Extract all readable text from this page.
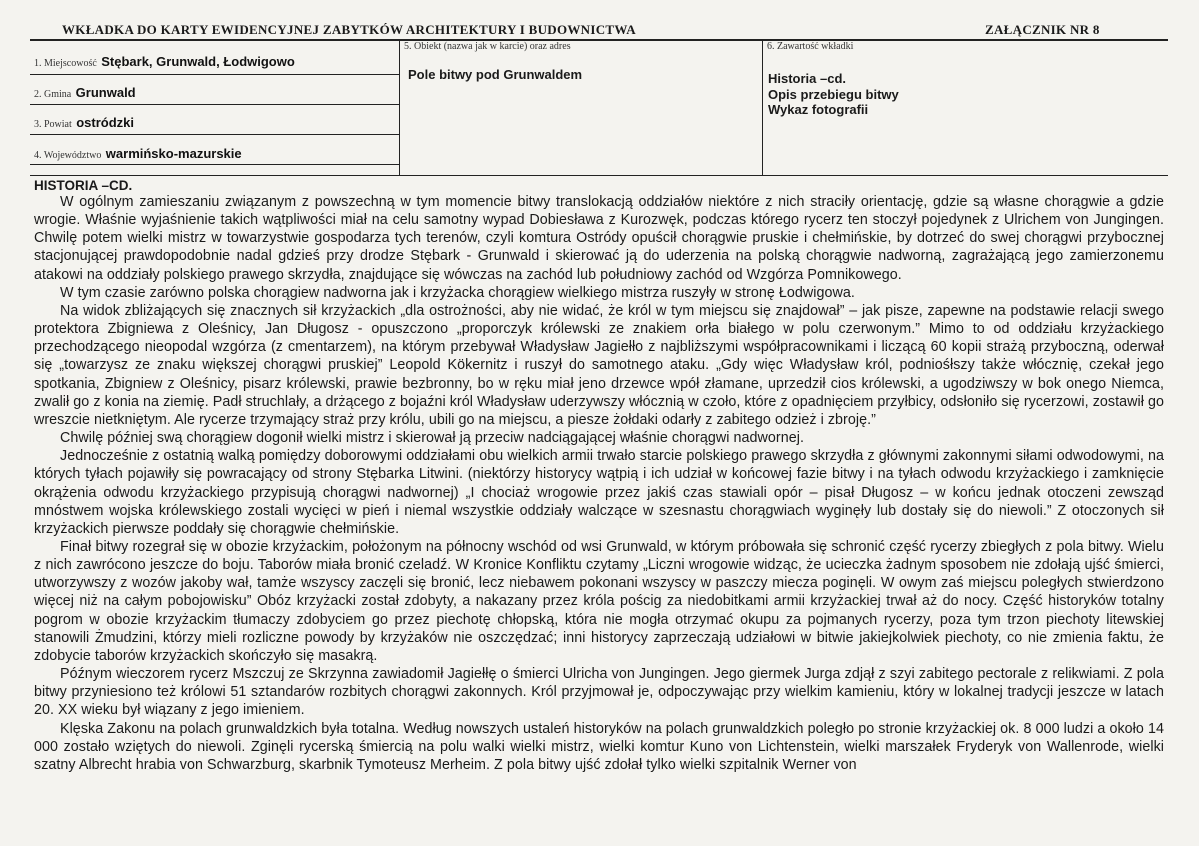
WKŁADKA DO KARTY EWIDENCYJNEJ ZABYTKÓW ARCHITEKTURY I BUDOWNICTWA	ZAŁĄCZNIK NR 8
1. Miejscowość Stębark, Grunwald, Łodwigowo
2. Gmina Grunwald
3. Powiat ostródzki
4. Województwo warmińsko-mazurskie
5. Obiekt (nazwa jak w karcie) oraz adres
Pole bitwy pod Grunwaldem
6. Zawartość wkładki
Historia –cd.
Opis przebiegu bitwy
Wykaz fotografii
HISTORIA –CD.

W ogólnym zamieszaniu związanym z powszechną w tym momencie bitwy translokacją oddziałów niektóre z nich straciły orientację, gdzie są własne chorągwie a gdzie wrogie. Właśnie wyjaśnienie takich wątpliwości miał na celu samotny wypad Dobiesława z Kurozwęk, podczas którego rycerz ten stoczył pojedynek z Ulrichem von Jungingen. Chwilę potem wielki mistrz w towarzystwie gospodarza tych terenów, czyli komtura Ostródy opuścił chorągwie pruskie i chełmińskie, by dotrzeć do swej chorągwi przybocznej stacjonującej prawdopodobnie nadal gdzieś przy drodze Stębark - Grunwald i skierować ją do uderzenia na polską chorągwie nadworną, zagrażającą jego zamierzonemu atakowi na oddziały polskiego prawego skrzydła, znajdujące się wówczas na zachód lub południowy zachód od Wzgórza Pomnikowego.

W tym czasie zarówno polska chorągiew nadworna jak i krzyżacka chorągiew wielkiego mistrza ruszyły w stronę Łodwigowa.

Na widok zbliżających się znacznych sił krzyżackich „dla ostrożności, aby nie widać, że król w tym miejscu się znajdował” – jak pisze, zapewne na podstawie relacji swego protektora Zbigniewa z Oleśnicy, Jan Długosz - opuszczono „proporczyk królewski ze znakiem orła białego w polu czerwonym.” Mimo to od oddziału krzyżackiego przechodzącego nieopodal wzgórza (z cmentarzem), na którym przebywał Władysław Jagiełło z najbliższymi współpracownikami i liczącą 60 kopii strażą przyboczną, oderwał się „towarzysz ze znaku większej chorągwi pruskiej” Leopold Kökernitz i ruszył do samotnego ataku. „Gdy więc Władysław król, podniośłszy także włócznię, czekał jego spotkania, Zbigniew z Oleśnicy, pisarz królewski, prawie bezbronny, bo w ręku miał jeno drzewce wpół złamane, uprzedził cios królewski, a ugodziwszy w bok onego Niemca, zwalił go z konia na ziemię. Padł struchlały, a drżącego z bojaźni król Władysław uderzywszy włócznią w czoło, które z opadnięciem przyłbicy, odsłoniło się rycerzowi, zostawił go wreszcie nietkniętym. Ale rycerze trzymający straż przy królu, ubili go na miejscu, a piesze żołdaki odarły z zabitego odzież i zbroję.”

Chwilę później swą chorągiew dogonił wielki mistrz i skierował ją przeciw nadciągającej właśnie chorągwi nadwornej.

Jednocześnie z ostatnią walką pomiędzy doborowymi oddziałami obu wielkich armii trwało starcie polskiego prawego skrzydła z głównymi zakonnymi siłami odwodowymi, na których tyłach pojawiły się powracający od strony Stębarka Litwini. (niektórzy historycy wątpią i ich udział w końcowej fazie bitwy i na tyłach odwodu krzyżackiego i zamknięcie okrążenia odwodu krzyżackiego przypisują chorągwi nadwornej) „I chociaż wrogowie przez jakiś czas stawiali opór – pisał Długosz – w końcu jednak otoczeni zewsząd mnóstwem wojska królewskiego zostali wycięci w pień i niemal wszystkie oddziały walczące w szesnastu chorągwiach wyginęły lub dostały się do niewoli.” Z otoczonych sił krzyżackich pierwsze poddały się chorągwie chełmińskie.

Finał bitwy rozegrał się w obozie krzyżackim, położonym na północny wschód od wsi Grunwald, w którym próbowała się schronić część rycerzy zbiegłych z pola bitwy. Wielu z nich zawrócono jeszcze do boju. Taborów miała bronić czeladź. W Kronice Konfliktu czytamy „Liczni wrogowie widząc, że ucieczka żadnym sposobem nie zdołają ujść śmierci, utworzywszy z wozów jakoby wał, tamże wszyscy zaczęli się bronić, lecz niebawem pokonani wszyscy w paszczy miecza poginęli. W owym zaś miejscu poległych stwierdzono więcej niż na całym pobojowisku” Obóz krzyżacki został zdobyty, a nakazany przez króla pościg za niedobitkami armii krzyżackiej trwał aż do nocy. Część historyków totalny pogrom w obozie krzyżackim tłumaczy zdobyciem go przez piechotę chłopską, która nie mogła otrzymać okupu za pojmanych rycerzy, poza tym trzon piechoty litewskiej stanowili Żmudzini, którzy mieli rozliczne powody by krzyżaków nie oszczędzać; inni historycy zaprzeczają udziałowi w bitwie jakiejkolwiek piechoty, co nie zmienia faktu, że zdobycie taborów krzyżackich skończyło się masakrą.

Późnym wieczorem rycerz Mszczuj ze Skrzynna zawiadomił Jagiełłę o śmierci Ulricha von Jungingen. Jego giermek Jurga zdjął z szyi zabitego pectorale z relikwiami. Z pola bitwy przyniesiono też królowi 51 sztandarów rozbitych chorągwi zakonnych. Król przyjmował je, odpoczywając przy wielkim kamieniu, który w lokalnej tradycji jeszcze w latach 20. XX wieku był wiązany z jego imieniem.

Klęska Zakonu na polach grunwaldzkich była totalna. Według nowszych ustaleń historyków na polach grunwaldzkich poległo po stronie krzyżackiej ok. 8 000 ludzi a około 14 000 zostało wziętych do niewoli. Zginęli rycerską śmiercią na polu walki wielki mistrz, wielki komtur Kuno von Lichtenstein, wielki marszałek Fryderyk von Wallenrode, wielki szatny Albrecht hrabia von Schwarzburg, skarbnik Tymoteusz Merheim. Z pola bitwy ujść zdołał tylko wielki szpitalnik Werner von
